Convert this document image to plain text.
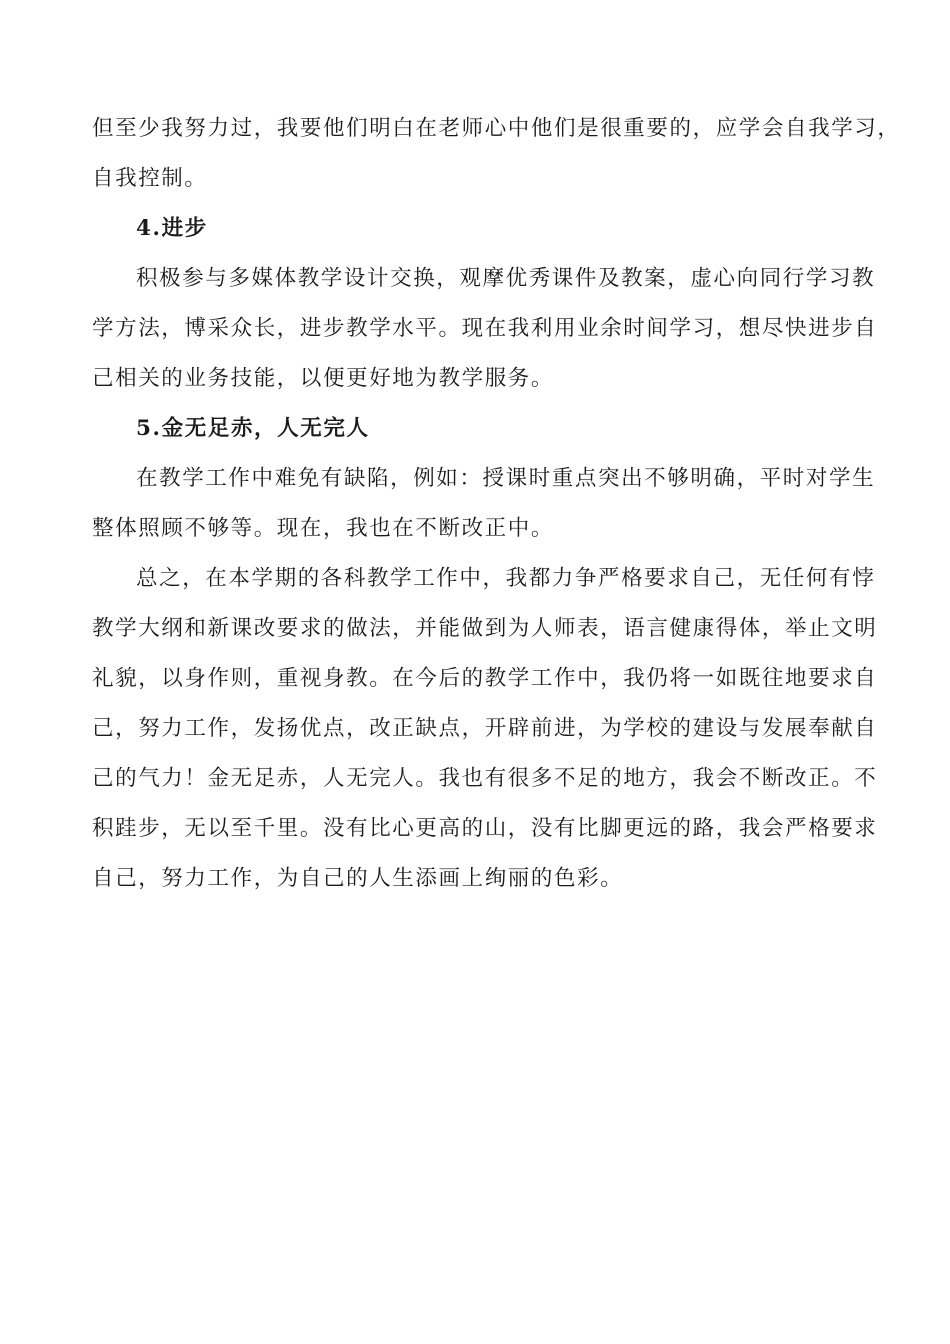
但至少我努力过，我要他们明白在老师心中他们是很重要的，应学会自我学习，
自我控制。

4.进步

积极参与多媒体教学设计交换，观摩优秀课件及教案，虚心向同行学习教
学方法，博采众长，进步教学水平。现在我利用业余时间学习，想尽快进步自
己相关的业务技能，以便更好地为教学服务。

5.金无足赤，人无完人

在教学工作中难免有缺陷，例如：授课时重点突出不够明确，平时对学生
整体照顾不够等。现在，我也在不断改正中。

总之，在本学期的各科教学工作中，我都力争严格要求自己，无任何有悖
教学大纲和新课改要求的做法，并能做到为人师表，语言健康得体，举止文明
礼貌，以身作则，重视身教。在今后的教学工作中，我仍将一如既往地要求自
己，努力工作，发扬优点，改正缺点，开辟前进，为学校的建设与发展奉献自
己的气力！金无足赤，人无完人。我也有很多不足的地方，我会不断改正。不
积跬步，无以至千里。没有比心更高的山，没有比脚更远的路，我会严格要求
自己，努力工作，为自己的人生添画上绚丽的色彩。
